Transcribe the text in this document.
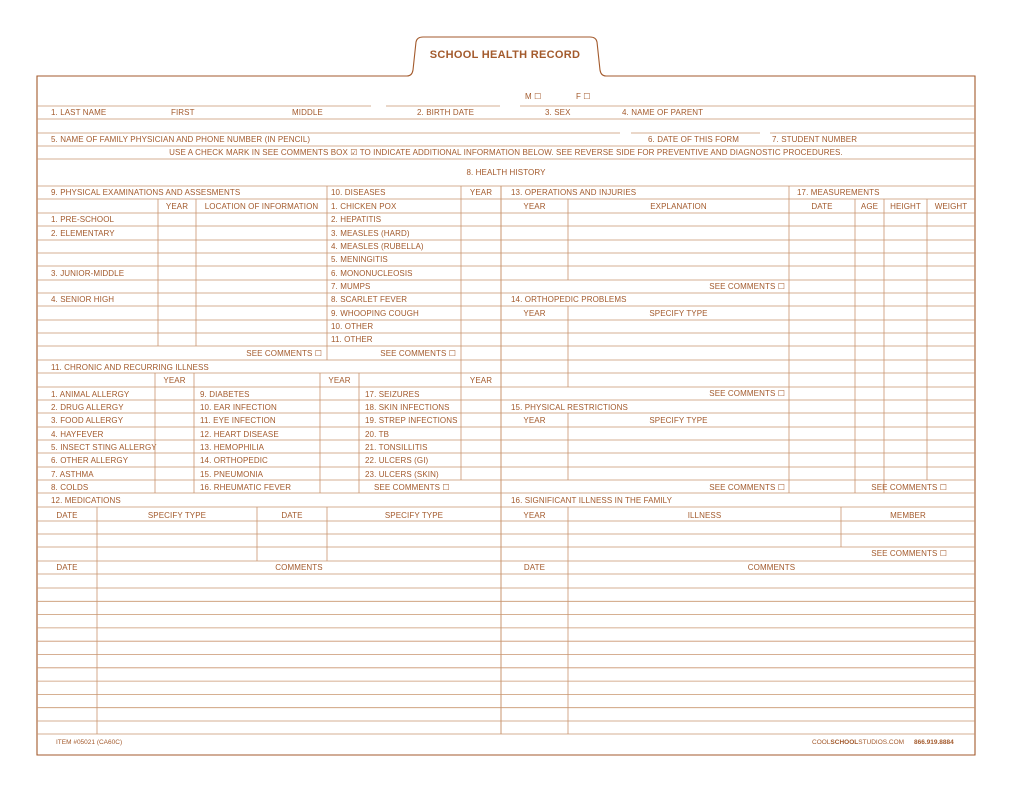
SCHOOL HEALTH RECORD
M ☐	F ☐
1. LAST NAME	FIRST	MIDDLE	2. BIRTH DATE	3. SEX	4. NAME OF PARENT
5. NAME OF FAMILY PHYSICIAN AND PHONE NUMBER (IN PENCIL)	6. DATE OF THIS FORM	7. STUDENT NUMBER
USE A CHECK MARK IN SEE COMMENTS BOX ☑ TO INDICATE ADDITIONAL INFORMATION BELOW. SEE REVERSE SIDE FOR PREVENTIVE AND DIAGNOSTIC PROCEDURES.
8. HEALTH HISTORY
9. PHYSICAL EXAMINATIONS AND ASSESMENTS
YEAR	LOCATION OF INFORMATION
1. PRE-SCHOOL
2. ELEMENTARY
3. JUNIOR-MIDDLE
4. SENIOR HIGH
SEE COMMENTS ☐
10. DISEASES	YEAR
1. CHICKEN POX
2. HEPATITIS
3. MEASLES (HARD)
4. MEASLES (RUBELLA)
5. MENINGITIS
6. MONONUCLEOSIS
7. MUMPS
8. SCARLET FEVER
9. WHOOPING COUGH
10. OTHER
11. OTHER
SEE COMMENTS ☐
13. OPERATIONS AND INJURIES
YEAR	EXPLANATION
SEE COMMENTS ☐
14. ORTHOPEDIC PROBLEMS
YEAR	SPECIFY TYPE
SEE COMMENTS ☐
15. PHYSICAL RESTRICTIONS
YEAR	SPECIFY TYPE
SEE COMMENTS ☐
17. MEASUREMENTS
DATE	AGE	HEIGHT	WEIGHT
SEE COMMENTS ☐
11. CHRONIC AND RECURRING ILLNESS
YEAR	YEAR	YEAR
1. ANIMAL ALLERGY
2. DRUG ALLERGY
3. FOOD ALLERGY
4. HAYFEVER
5. INSECT STING ALLERGY
6. OTHER ALLERGY
7. ASTHMA
8. COLDS
9. DIABETES
10. EAR INFECTION
11. EYE INFECTION
12. HEART DISEASE
13. HEMOPHILIA
14. ORTHOPEDIC
15. PNEUMONIA
16. RHEUMATIC FEVER
17. SEIZURES
18. SKIN INFECTIONS
19. STREP INFECTIONS
20. TB
21. TONSILLITIS
22. ULCERS (GI)
23. ULCERS (SKIN)
SEE COMMENTS ☐
12. MEDICATIONS
DATE	SPECIFY TYPE	DATE	SPECIFY TYPE
16. SIGNIFICANT ILLNESS IN THE FAMILY
YEAR	ILLNESS	MEMBER
SEE COMMENTS ☐
DATE	COMMENTS	DATE	COMMENTS
ITEM #05021 (CA60C)	COOLSCHOOLSTUDIOS.COM 866.919.8884
